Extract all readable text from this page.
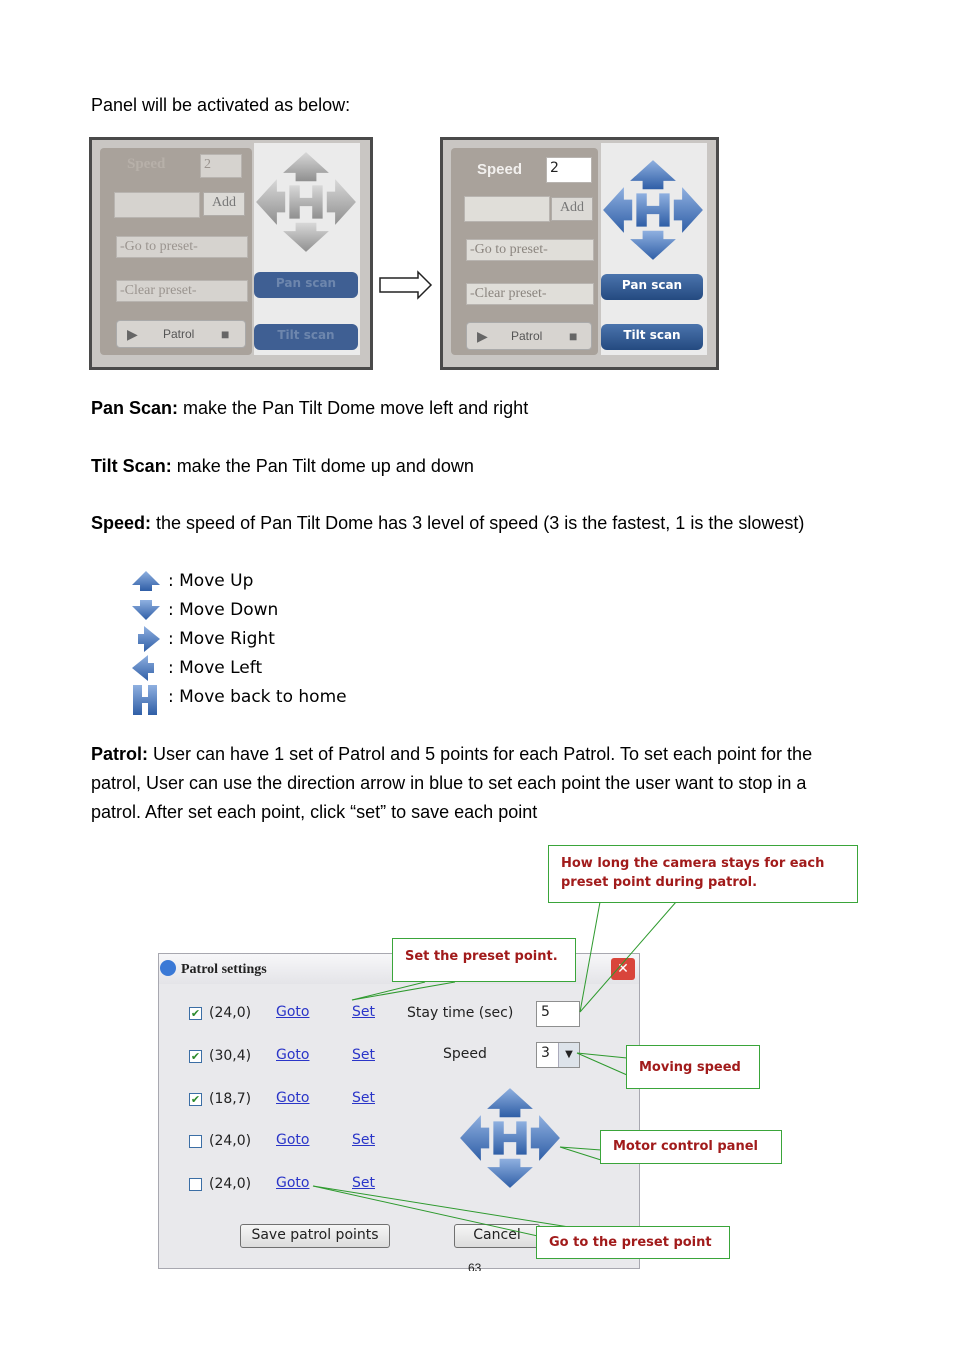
Panel will be activated as below:
Speed	2
Add
-Go to preset-
-Clear preset-
▶ Patrol ■
Pan scan
Tilt scan
Speed 2
Add
-Go to preset-
-Clear preset-
▶ Patrol ■
Pan scan
Tilt scan
Pan Scan: make the Pan Tilt Dome move left and right
Tilt Scan: make the Pan Tilt dome up and down
Speed: the speed of Pan Tilt Dome has 3 level of speed (3 is the fastest, 1 is the slowest)
: Move Up
: Move Down
: Move Right
: Move Left
: Move back to home
Patrol: User can have 1 set of Patrol and 5 points for each Patrol. To set each point for the
patrol, User can use the direction arrow in blue to set each point the user want to stop in a
patrol. After set each point, click “set” to save each point
Patrol settings	✕
✔ (24,0) Goto	Set
✔ (30,4) Goto	Set
✔ (18,7) Goto	Set
(24,0) Goto	Set
(24,0) Goto	Set
Stay time (sec)	5
Speed	3	▼
Save patrol points	Cancel
How long the camera stays for each preset point during patrol.
Set the preset point.
Moving speed
Motor control panel
Go to the preset point
63
